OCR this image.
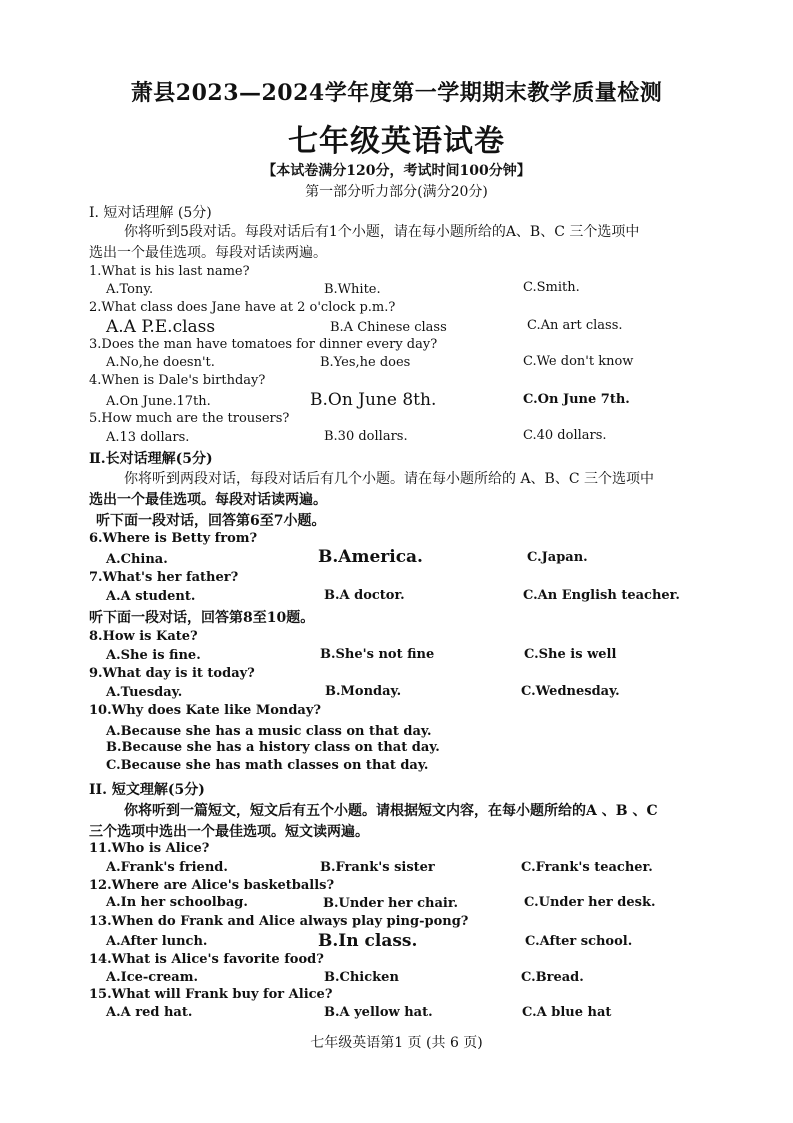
萧县2023—2024学年度第一学期期末教学质量检测
七年级英语试卷
【本试卷满分120分，考试时间100分钟】
第一部分听力部分(满分20分)
I. 短对话理解 (5分)
你将听到5段对话。每段对话后有1个小题，请在每小题所给的A、B、C 三个选项中
选出一个最佳选项。每段对话读两遍。
1.What is his last name?
A.Tony.	B.White.	C.Smith.
2.What class does Jane have at 2 o'clock p.m.?
A.A P.E.class	B.A Chinese class	C.An art class.
3.Does the man have tomatoes for dinner every day?
A.No,he doesn't.	B.Yes,he does	C.We don't know
4.When is Dale's birthday?
A.On June.17th.	B.On June 8th.	C.On June 7th.
5.How much are the trousers?
A.13 dollars.	B.30 dollars.	C.40 dollars.
Ⅱ.长对话理解(5分)
你将听到两段对话，每段对话后有几个小题。请在每小题所给的 A、B、C 三个选项中
选出一个最佳选项。每段对话读两遍。
听下面一段对话，回答第6至7小题。
6.Where is Betty from?
A.China.	B.America.	C.Japan.
7.What's her father?
A.A student.	B.A doctor.	C.An English teacher.
听下面一段对话，回答第8至10题。
8.How is Kate?
A.She is fine.	B.She's not fine	C.She is well
9.What day is it today?
A.Tuesday.	B.Monday.	C.Wednesday.
10.Why does Kate like Monday?
A.Because she has a music class on that day.
B.Because she has a history class on that day.
C.Because she has math classes on that day.
II. 短文理解(5分)
你将听到一篇短文，短文后有五个小题。请根据短文内容，在每小题所给的A 、B 、C
三个选项中选出一个最佳选项。短文读两遍。
11.Who is Alice?
A.Frank's friend.	B.Frank's sister	C.Frank's teacher.
12.Where are Alice's basketballs?
A.In her schoolbag.	B.Under her chair.	C.Under her desk.
13.When do Frank and Alice always play ping-pong?
A.After lunch.	B.In class.	C.After school.
14.What is Alice's favorite food?
A.Ice-cream.	B.Chicken	C.Bread.
15.What will Frank buy for Alice?
A.A red hat.	B.A yellow hat.	C.A blue hat
七年级英语第1 页 (共 6 页)
